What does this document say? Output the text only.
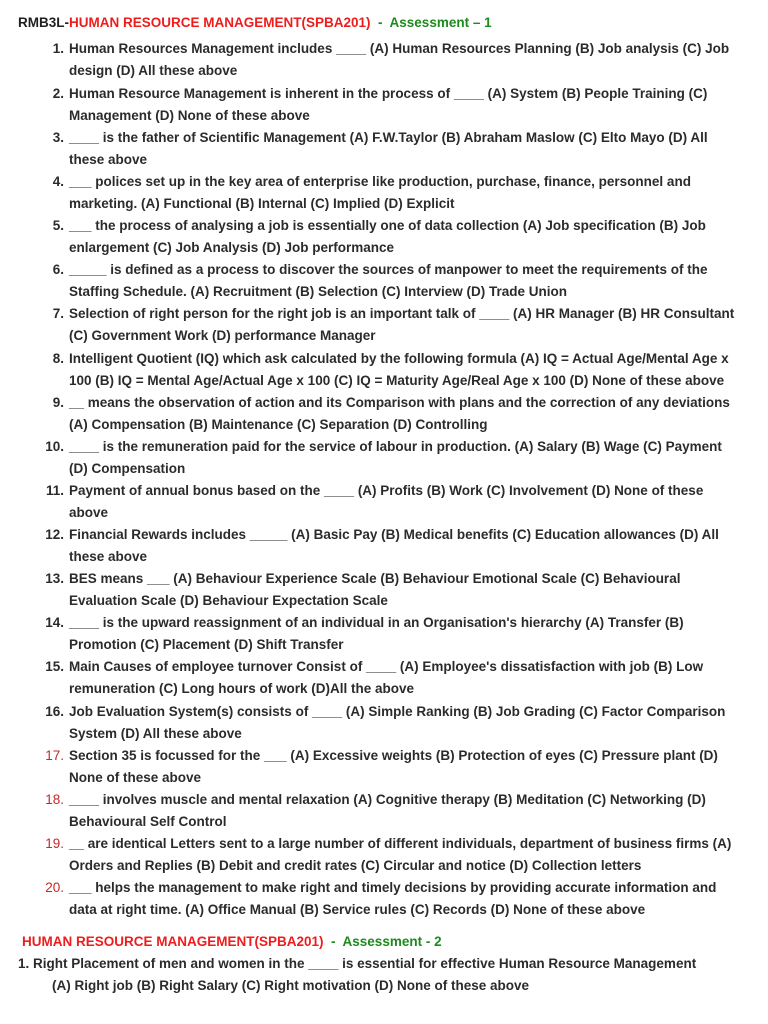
RMB3L-HUMAN RESOURCE MANAGEMENT(SPBA201)  -  Assessment – 1
1. Human Resources Management includes ____ (A) Human Resources Planning (B) Job analysis (C) Job design (D) All these above
2. Human Resource Management is inherent in the process of ____ (A) System (B) People Training (C) Management (D) None of these above
3. ____ is the father of Scientific Management (A) F.W.Taylor (B) Abraham Maslow (C) Elto Mayo (D) All these above
4. ___ polices set up in the key area of enterprise like production, purchase, finance, personnel and marketing. (A) Functional (B) Internal (C) Implied (D) Explicit
5. ___ the process of analysing a job is essentially one of data collection (A) Job specification (B) Job enlargement (C) Job Analysis (D) Job performance
6. _____ is defined as a process to discover the sources of manpower to meet the requirements of the Staffing Schedule. (A) Recruitment (B) Selection (C) Interview (D) Trade Union
7. Selection of right person for the right job is an important talk of ____ (A) HR Manager (B) HR Consultant (C) Government Work (D) performance Manager
8. Intelligent Quotient (IQ) which ask calculated by the following formula (A) IQ = Actual Age/Mental Age x 100 (B) IQ = Mental Age/Actual Age x 100 (C) IQ = Maturity Age/Real Age x 100 (D) None of these above
9. __ means the observation of action and its Comparison with plans and the correction of any deviations (A) Compensation (B) Maintenance (C) Separation (D) Controlling
10. ____ is the remuneration paid for the service of labour in production. (A) Salary (B) Wage (C) Payment (D) Compensation
11. Payment of annual bonus based on the ____ (A) Profits (B) Work (C) Involvement (D) None of these above
12. Financial Rewards includes _____ (A) Basic Pay (B) Medical benefits (C) Education allowances (D) All these above
13. BES means ___ (A) Behaviour Experience Scale (B) Behaviour Emotional Scale (C) Behavioural Evaluation Scale (D) Behaviour Expectation Scale
14. ____ is the upward reassignment of an individual in an Organisation's hierarchy (A) Transfer (B) Promotion (C) Placement (D) Shift Transfer
15. Main Causes of employee turnover Consist of ____ (A) Employee's dissatisfaction with job (B) Low remuneration (C) Long hours of work (D)All the above
16. Job Evaluation System(s) consists of ____ (A) Simple Ranking (B) Job Grading (C) Factor Comparison System (D) All these above
17. Section 35 is focussed for the ___ (A) Excessive weights (B) Protection of eyes (C) Pressure plant (D) None of these above
18. ____ involves muscle and mental relaxation (A) Cognitive therapy (B) Meditation (C) Networking (D) Behavioural Self Control
19. __ are identical Letters sent to a large number of different individuals, department of business firms (A) Orders and Replies (B) Debit and credit rates (C) Circular and notice (D) Collection letters
20. ___ helps the management to make right and timely decisions by providing accurate information and data at right time. (A) Office Manual (B) Service rules (C) Records (D) None of these above
HUMAN RESOURCE MANAGEMENT(SPBA201)  -  Assessment - 2
1. Right Placement of men and women in the ____ is essential for effective Human Resource Management
(A) Right job (B) Right Salary (C) Right motivation (D) None of these above
